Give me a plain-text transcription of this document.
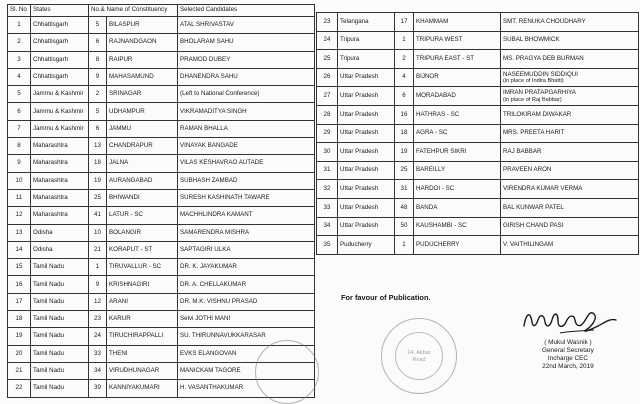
Sl. No	States	No.& Name of Constituency		Selected Candidates
1	Chhattisgarh	5	BILASPUR	ATAL SHRIVASTAV
2	Chhattisgarh	6	RAJNANDGAON	BHOLARAM SAHU
3	Chhattisgarh	8	RAIPUR	PRAMOD DUBEY
4	Chhattisgarh	9	MAHASAMUND	DHANENDRA SAHU
5	Jammu & Kashmir	2	SRINAGAR	(Left to National Conference)
6	Jammu & Kashmir	5	UDHAMPUR	VIKRAMADITYA SINGH
7	Jammu & Kashmir	6	JAMMU	RAMAN BHALLA
8	Maharashtra	13	CHANDRAPUR	VINAYAK BANGADE
9	Maharashtra	18	JALNA	VILAS KESHAVRAO AUTADE
10	Maharashtra	19	AURANGABAD	SUBHASH ZAMBAD
11	Maharashtra	25	BHIWANDI	SURESH KASHINATH TAWARE
12	Maharashtra	41	LATUR - SC	MACHHLINDRA KAMANT
13	Odisha	10	BOLANGIR	SAMARENDRA MISHRA
14	Odisha	21	KORAPUT - ST	SAPTAGIRI ULKA
15	Tamil Nadu	1	TIRUVALLUR - SC	DR. K. JAYAKUMAR
16	Tamil Nadu	9	KRISHNAGIRI	DR. A. CHELLAKUMAR
17	Tamil Nadu	12	ARANI	DR. M.K. VISHNU PRASAD
18	Tamil Nadu	23	KARUR	Selvi JOTHI MANI
19	Tamil Nadu	24	TIRUCHIRAPPALLI	SU. THIRUNNAVUKKARASAR
20	Tamil Nadu	33	THENI	EVKS ELANGOVAN
21	Tamil Nadu	34	VIRUDHUNAGAR	MANICKAM TAGORE
22	Tamil Nadu	39	KANNIYAKUMARI	H. VASANTHAKUMAR
23	Telangana	17	KHAMMAM	SMT. RENUKA CHOUDHARY
24	Tripura	1	TRIPURA WEST	SUBAL BHOWMICK
25	Tripura	2	TRIPURA EAST - ST	MS. PRAGYA DEB BURMAN
26	Uttar Pradesh	4	BIJNOR	NASEEMUDDIN SIDDIQUI
(in place of Indira Bhatti)

27	Uttar Pradesh	6	MORADABAD	IMRAN PRATAPGARHIYA
(in place of Raj Babbar)

28	Uttar Pradesh	16	HATHRAS - SC	TRILOKIRAM DIWAKAR
29	Uttar Pradesh	18	AGRA - SC	MRS. PREETA HARIT
30	Uttar Pradesh	19	FATEHPUR SIKRI	RAJ BABBAR
31	Uttar Pradesh	25	BAREILLY	PRAVEEN ARON
32	Uttar Pradesh	31	HARDOI - SC	VIRENDRA KUMAR VERMA
33	Uttar Pradesh	48	BANDA	BAL KUNWAR PATEL
34	Uttar Pradesh	50	KAUSHAMBI - SC	GIRISH CHAND PASI
35	Puducherry	1	PUDUCHERRY	V. VAITHILINGAM
For favour of Publication.
24, Akbar
Road
( Mukul Wasnik )
General Secretary
Incharge CEC
22nd March, 2019
